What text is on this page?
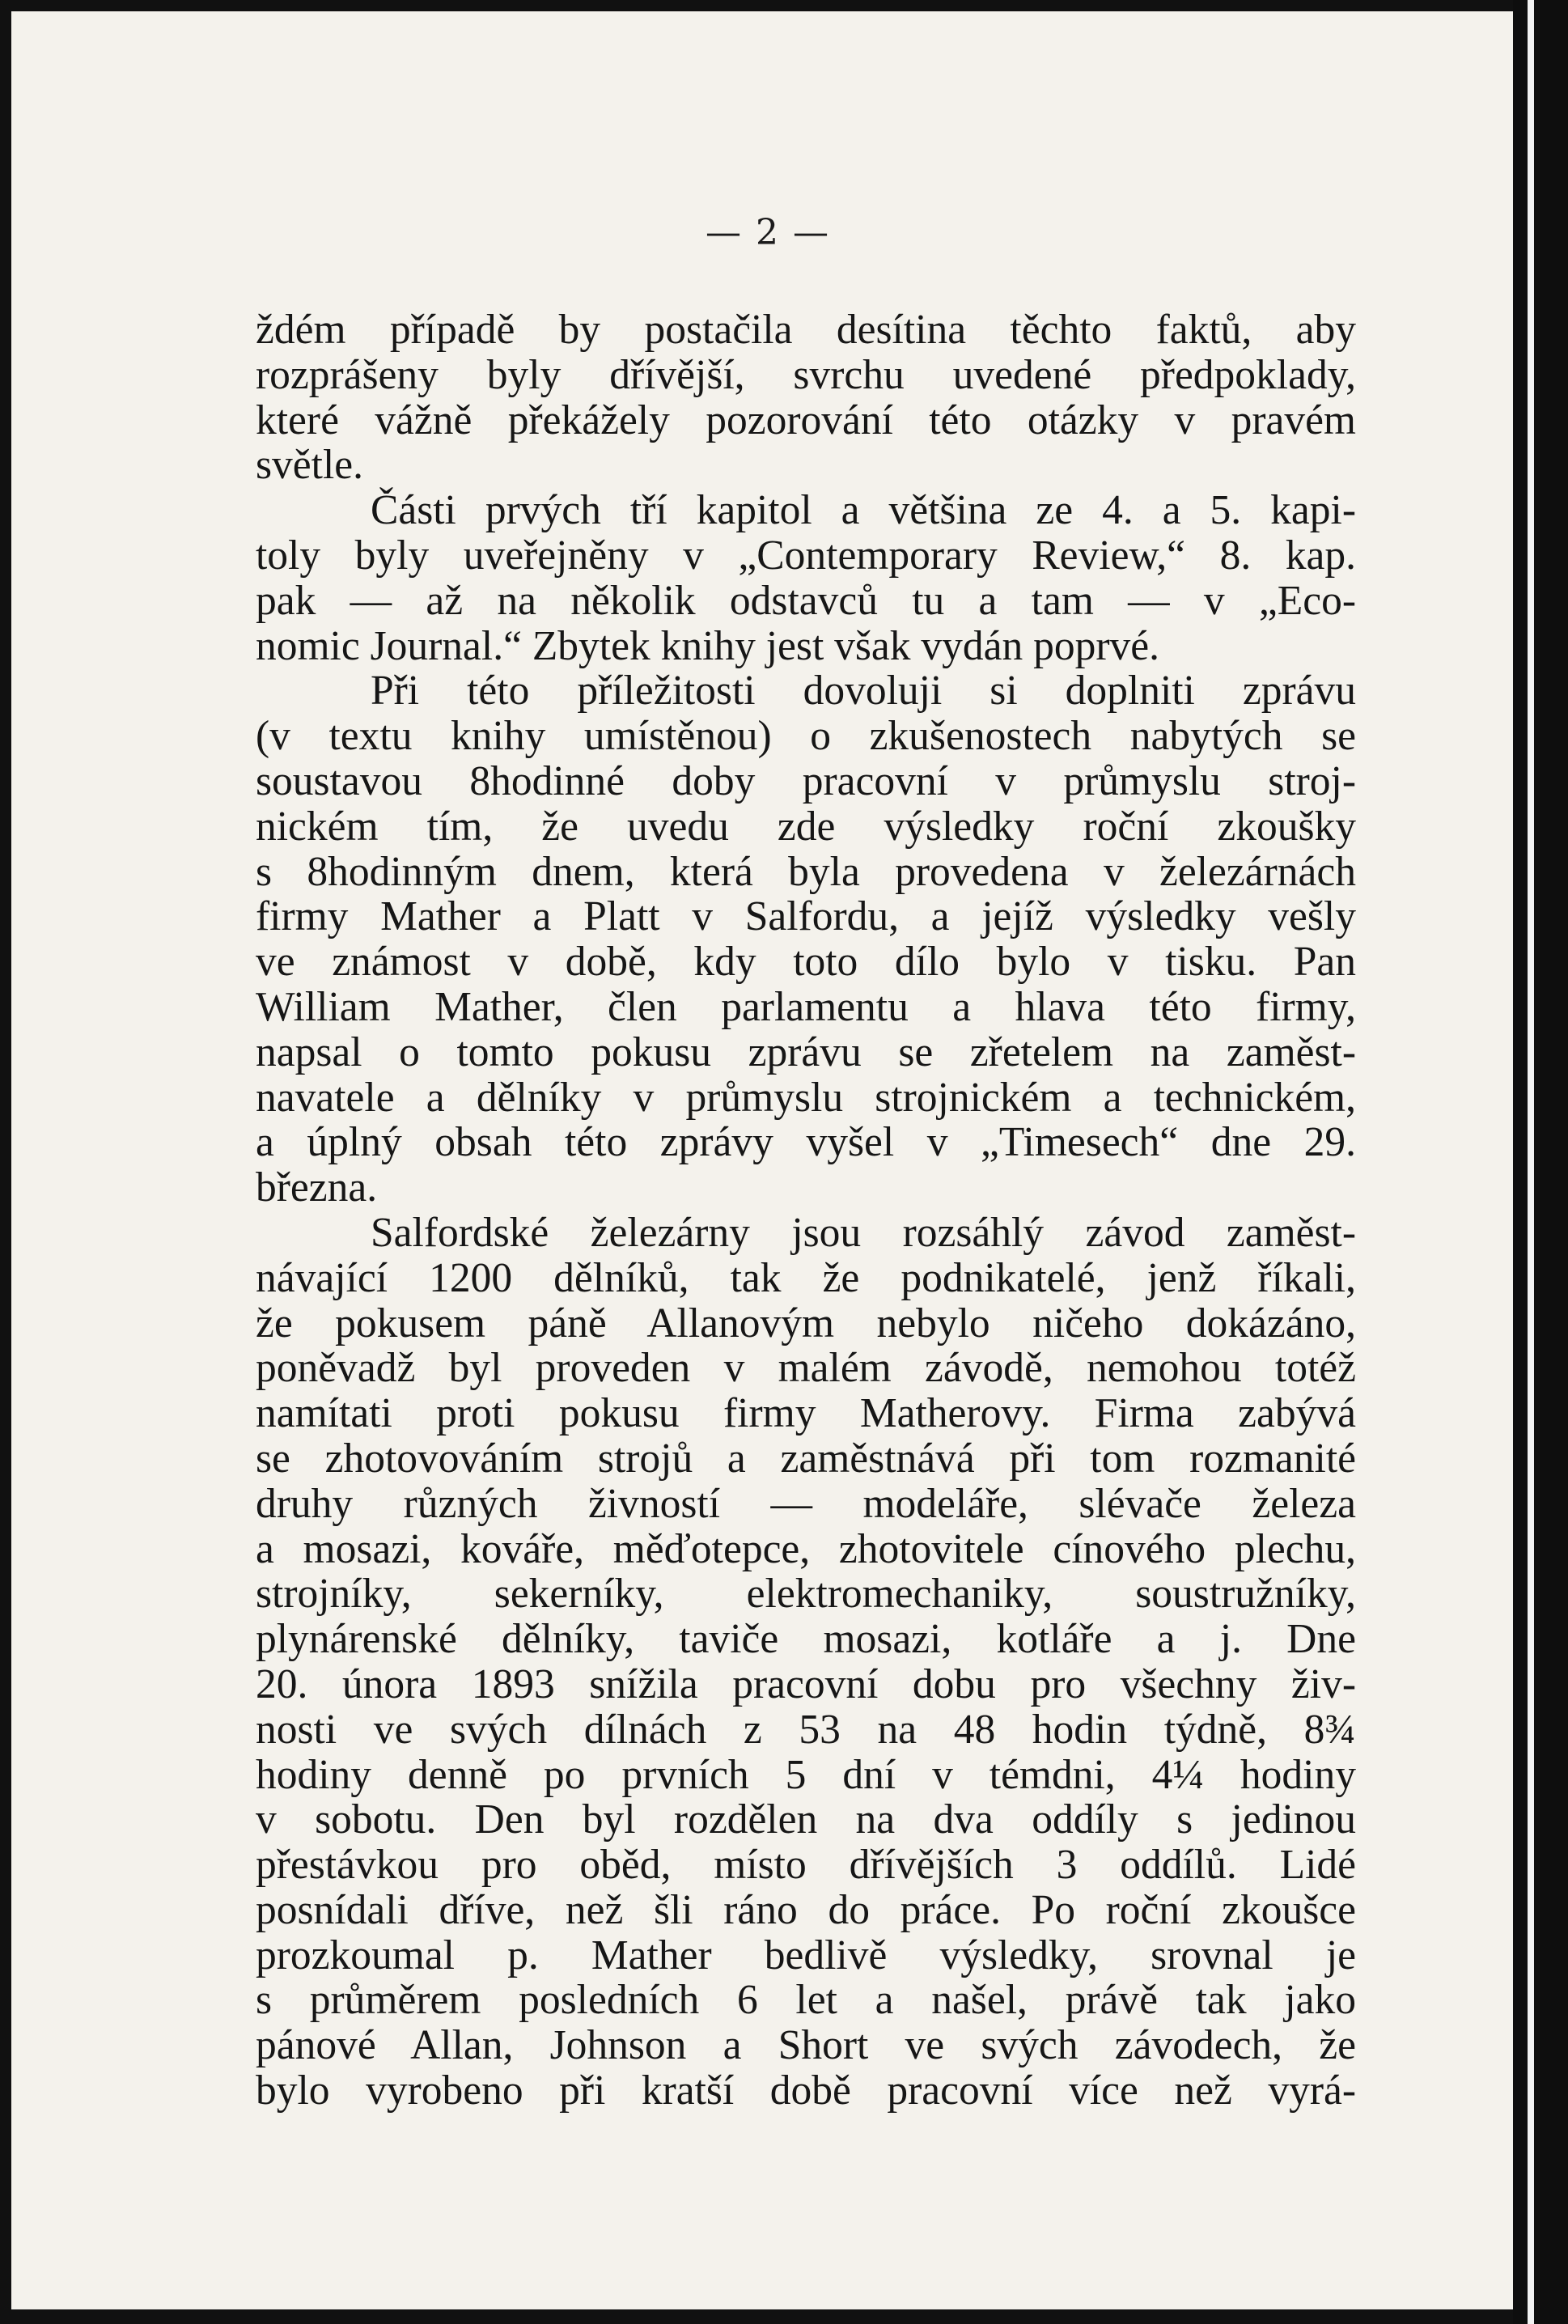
— 2 —
ždém případě by postačila desítina těchto faktů, aby
rozprášeny byly dřívější, svrchu uvedené předpoklady,
které vážně překážely pozorování této otázky v pravém
světle.
Části prvých tří kapitol a většina ze 4. a 5. kapi-
toly byly uveřejněny v „Contemporary Review,“ 8. kap.
pak — až na několik odstavců tu a tam — v „Eco-
nomic Journal.“ Zbytek knihy jest však vydán poprvé.
Při této příležitosti dovoluji si doplniti zprávu
(v textu knihy umístěnou) o zkušenostech nabytých se
soustavou 8hodinné doby pracovní v průmyslu stroj-
nickém tím, že uvedu zde výsledky roční zkoušky
s 8hodinným dnem, která byla provedena v železárnách
firmy Mather a Platt v Salfordu, a jejíž výsledky vešly
ve známost v době, kdy toto dílo bylo v tisku. Pan
William Mather, člen parlamentu a hlava této firmy,
napsal o tomto pokusu zprávu se zřetelem na zaměst-
navatele a dělníky v průmyslu strojnickém a technickém,
a úplný obsah této zprávy vyšel v „Timesech“ dne 29.
března.
Salfordské železárny jsou rozsáhlý závod zaměst-
návající 1200 dělníků, tak že podnikatelé, jenž říkali,
že pokusem páně Allanovým nebylo ničeho dokázáno,
poněvadž byl proveden v malém závodě, nemohou totéž
namítati proti pokusu firmy Matherovy. Firma zabývá
se zhotovováním strojů a zaměstnává při tom rozmanité
druhy různých živností — modeláře, slévače železa
a mosazi, kováře, měďotepce, zhotovitele cínového plechu,
strojníky, sekerníky, elektromechaniky, soustružníky,
plynárenské dělníky, taviče mosazi, kotláře a j. Dne
20. února 1893 snížila pracovní dobu pro všechny živ-
nosti ve svých dílnách z 53 na 48 hodin týdně, 8¾
hodiny denně po prvních 5 dní v témdni, 4¼ hodiny
v sobotu. Den byl rozdělen na dva oddíly s jedinou
přestávkou pro oběd, místo dřívějších 3 oddílů. Lidé
posnídali dříve, než šli ráno do práce. Po roční zkoušce
prozkoumal p. Mather bedlivě výsledky, srovnal je
s průměrem posledních 6 let a našel, právě tak jako
pánové Allan, Johnson a Short ve svých závodech, že
bylo vyrobeno při kratší době pracovní více než vyrá-
